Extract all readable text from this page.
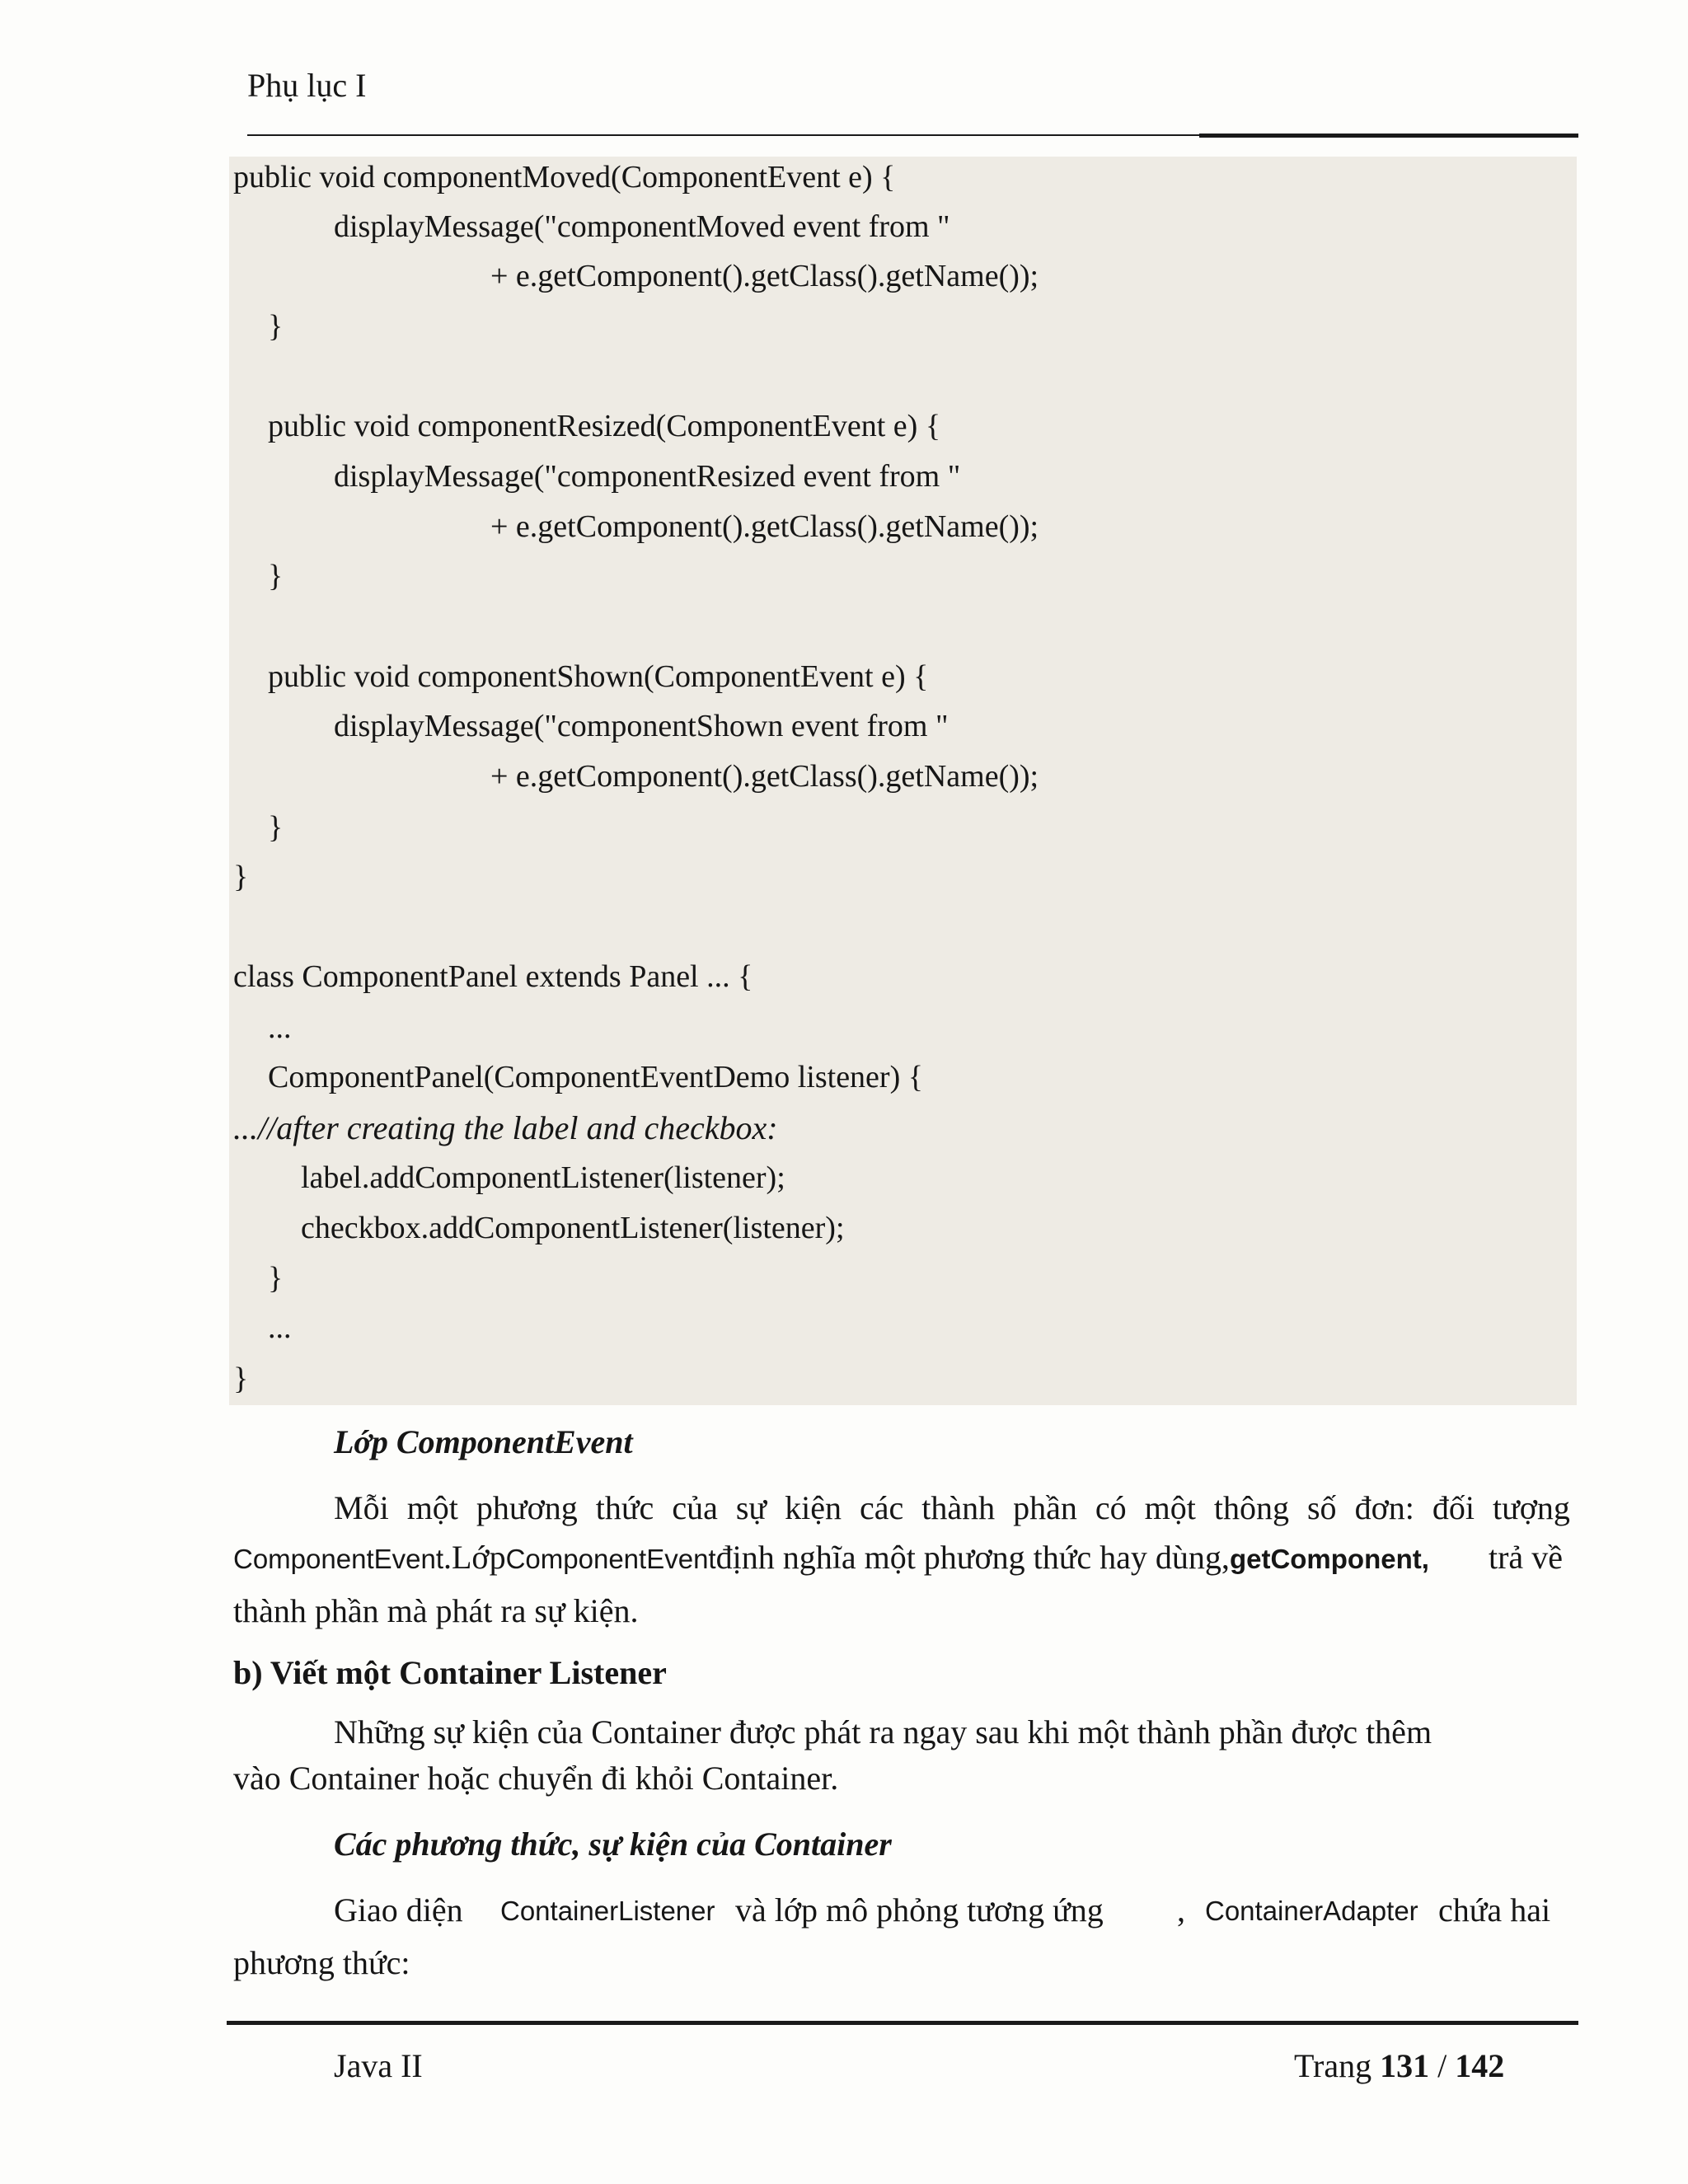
Phụ lục I
public void componentMoved(ComponentEvent e) {
displayMessage("componentMoved event from "
+ e.getComponent().getClass().getName());
}
public void componentResized(ComponentEvent e) {
displayMessage("componentResized event from "
+ e.getComponent().getClass().getName());
}
public void componentShown(ComponentEvent e) {
displayMessage("componentShown event from "
+ e.getComponent().getClass().getName());
}
}
class ComponentPanel extends Panel ... {
...
ComponentPanel(ComponentEventDemo listener) {
...//after creating the label and checkbox:
label.addComponentListener(listener);
checkbox.addComponentListener(listener);
}
...
}
Lớp ComponentEvent
Mỗi một phương thức của sự kiện các thành phần có một thông số đơn: đối tượng
ComponentEvent.LớpComponentEventđịnh nghĩa một phương thức hay dùng,getComponent, trả về
thành phần mà phát ra sự kiện.
b) Viết một Container Listener
Những sự kiện của Container được phát ra ngay sau khi một thành phần được thêm
vào Container hoặc chuyển đi khỏi Container.
Các phương thức, sự kiện của Container
Giao diện ContainerListener và lớp mô phỏng tương ứng , ContainerAdapter chứa hai
phương thức:
Java II	Trang 131 / 142
